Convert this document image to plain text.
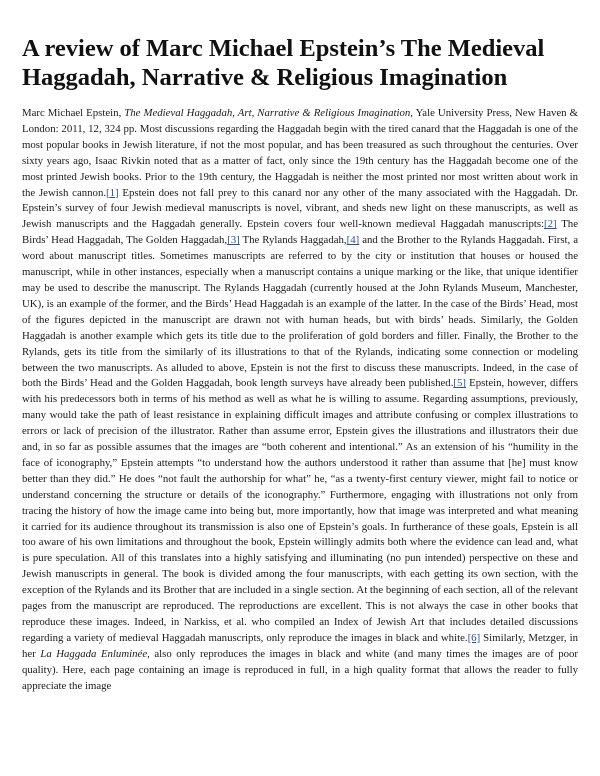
A review of Marc Michael Epstein’s The Medieval Haggadah, Narrative & Religious Imagination

Marc Michael Epstein, The Medieval Haggadah, Art, Narrative & Religious Imagination, Yale University Press, New Haven & London: 2011, 12, 324 pp. Most discussions regarding the Haggadah begin with the tired canard that the Haggadah is one of the most popular books in Jewish literature, if not the most popular, and has been treasured as such throughout the centuries. Over sixty years ago, Isaac Rivkin noted that as a matter of fact, only since the 19th century has the Haggadah become one of the most printed Jewish books. Prior to the 19th century, the Haggadah is neither the most printed nor most written about work in the Jewish cannon.[1] Epstein does not fall prey to this canard nor any other of the many associated with the Haggadah. Dr. Epstein’s survey of four Jewish medieval manuscripts is novel, vibrant, and sheds new light on these manuscripts, as well as Jewish manuscripts and the Haggadah generally. Epstein covers four well-known medieval Haggadah manuscripts:[2] The Birds’ Head Haggadah, The Golden Haggadah,[3] The Rylands Haggadah,[4] and the Brother to the Rylands Haggadah. First, a word about manuscript titles. Sometimes manuscripts are referred to by the city or institution that houses or housed the manuscript, while in other instances, especially when a manuscript contains a unique marking or the like, that unique identifier may be used to describe the manuscript. The Rylands Haggadah (currently housed at the John Rylands Museum, Manchester, UK), is an example of the former, and the Birds’ Head Haggadah is an example of the latter. In the case of the Birds’ Head, most of the figures depicted in the manuscript are drawn not with human heads, but with birds’ heads. Similarly, the Golden Haggadah is another example which gets its title due to the proliferation of gold borders and filler. Finally, the Brother to the Rylands, gets its title from the similarly of its illustrations to that of the Rylands, indicating some connection or modeling between the two manuscripts. As alluded to above, Epstein is not the first to discuss these manuscripts. Indeed, in the case of both the Birds’ Head and the Golden Haggadah, book length surveys have already been published.[5] Epstein, however, differs with his predecessors both in terms of his method as well as what he is willing to assume. Regarding assumptions, previously, many would take the path of least resistance in explaining difficult images and attribute confusing or complex illustrations to errors or lack of precision of the illustrator. Rather than assume error, Epstein gives the illustrations and illustrators their due and, in so far as possible assumes that the images are “both coherent and intentional.” As an extension of his “humility in the face of iconography,” Epstein attempts “to understand how the authors understood it rather than assume that [he] must know better than they did.” He does “not fault the authorship for what” he, “as a twenty-first century viewer, might fail to notice or understand concerning the structure or details of the iconography.” Furthermore, engaging with illustrations not only from tracing the history of how the image came into being but, more importantly, how that image was interpreted and what meaning it carried for its audience throughout its transmission is also one of Epstein’s goals. In furtherance of these goals, Epstein is all too aware of his own limitations and throughout the book, Epstein willingly admits both where the evidence can lead and, what is pure speculation. All of this translates into a highly satisfying and illuminating (no pun intended) perspective on these and Jewish manuscripts in general. The book is divided among the four manuscripts, with each getting its own section, with the exception of the Rylands and its Brother that are included in a single section. At the beginning of each section, all of the relevant pages from the manuscript are reproduced. The reproductions are excellent. This is not always the case in other books that reproduce these images. Indeed, in Narkiss, et al. who compiled an Index of Jewish Art that includes detailed discussions regarding a variety of medieval Haggadah manuscripts, only reproduce the images in black and white.[6] Similarly, Metzger, in her La Haggada Enluminée, also only reproduces the images in black and white (and many times the images are of poor quality). Here, each page containing an image is reproduced in full, in a high quality format that allows the reader to fully appreciate the image
